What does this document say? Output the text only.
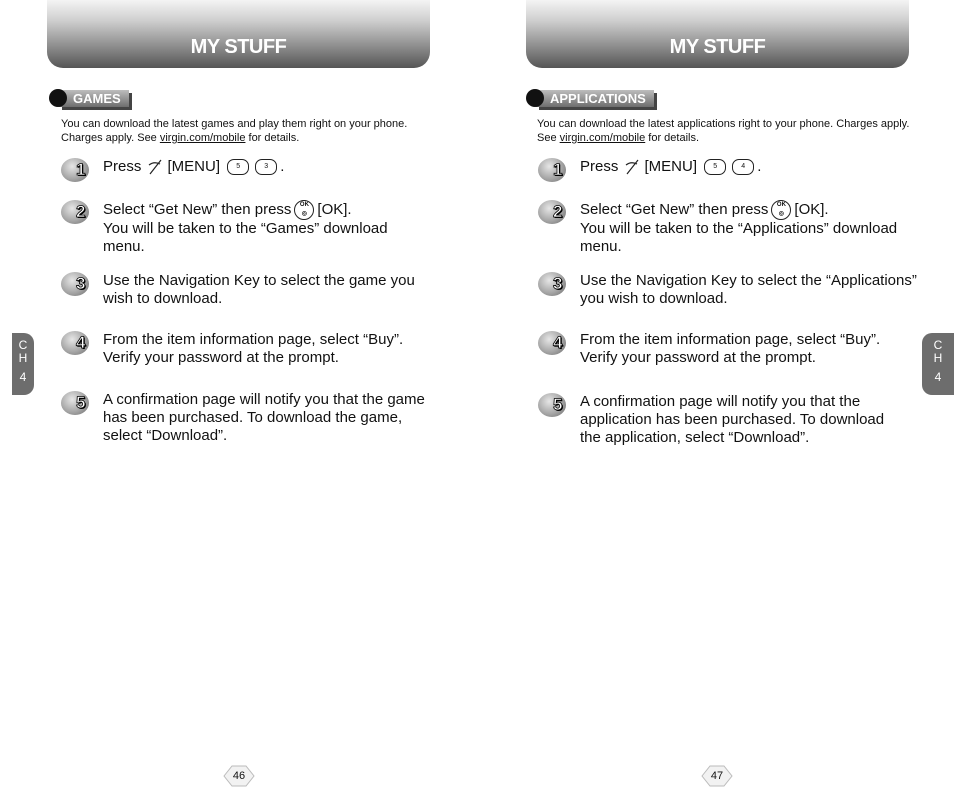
MY STUFF
GAMES
You can download the latest games and play them right on your phone. Charges apply. See virgin.com/mobile for details.
1 Press [MENU] 5	3 .
2 Select “Get New” then press OK
◎ [OK].
You will be taken to the “Games” download menu.
3 Use the Navigation Key to select the game you wish to download.
4 From the item information page, select “Buy”. Verify your password at the prompt.
5 A confirmation page will notify you that the game has been purchased. To download the game, select “Download”.
C
H
4
46
MY STUFF
APPLICATIONS
You can download the latest applications right to your phone. Charges apply. See virgin.com/mobile for details.
1 Press [MENU] 5	4 .
2 Select “Get New” then press OK
◎ [OK].
You will be taken to the “Applications” download menu.
3 Use the Navigation Key to select the “Applications” you wish to download.
4 From the item information page, select “Buy”. Verify your password at the prompt.
5 A confirmation page will notify you that the application has been purchased. To download the application, select “Download”.
C
H
4
47
